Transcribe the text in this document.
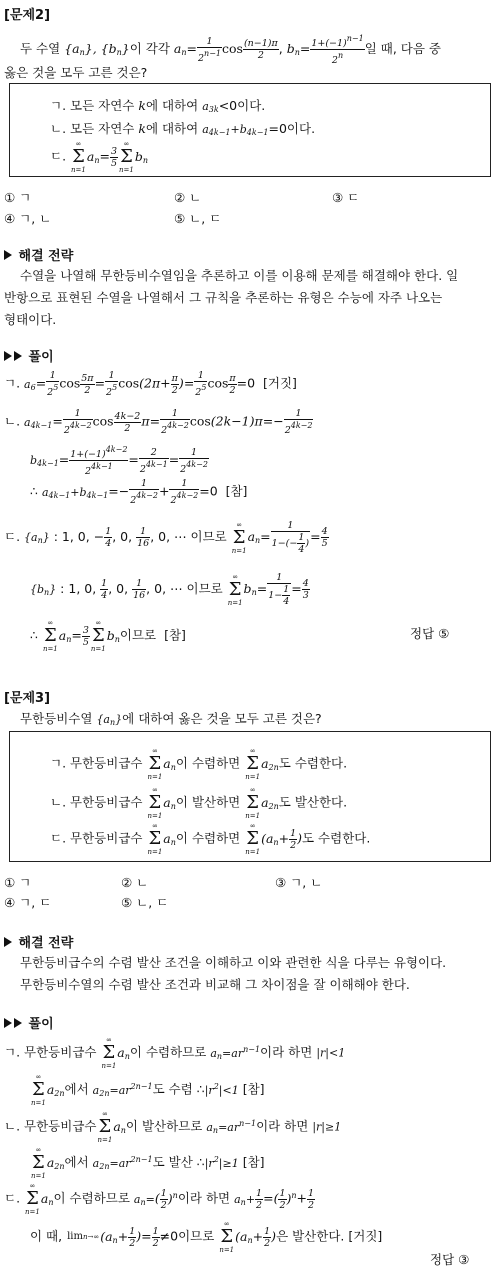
[문제2]
두 수열 $\{a_n\}$, $\{b_n\}$이 각각 $a_n= \frac{1}{2^{n-1}}$ $\cos \frac{(n-1)\pi}{2}$ , $b_n= \frac{1+(-1)^{n-1}}{2^n}$ 일 때, 다음 중
옳은 것을 모두 고른 것은?
ㄱ. 모든 자연수 k에 대하여 $a_{3k}<0$이다.
ㄴ. 모든 자연수 k에 대하여 $a_{4k-1}+b_{4k-1}=0$이다.
ㄷ. ∞
Σ
$n=1a_n= \frac{3}{5}$
∞
Σ
$n=1b_n$
① ㄱ	② ㄴ	③ ㄷ
④ ㄱ, ㄴ	⑤ ㄴ, ㄷ
해결 전략
수열을 나열해 무한등비수열임을 추론하고 이를 이용해 문제를 해결해야 한다. 일
반항으로 표현된 수열을 나열해서 그 규칙을 추론하는 유형은 수능에 자주 나오는
형태이다.
풀이
ㄱ. $a_6= \frac{1}{2^5}$ $\cos \frac{5\pi}{2} = \frac{1}{2^5} \cos(2\pi+ \frac{\pi}{2}$ )= $\frac{1}{2^5}$ $\cos \frac{\pi}{2} =0$  [거짓]
ㄴ. $a_{4k-1}= \frac{1}{2^{4k-2}}$ $\cos \frac{4k-2}{2} \pi= \frac{1}{2^{4k-2}} \cos(2k-1)\pi=- \frac{1}{2^{4k-2}}$
$b_{4k-1}= \frac{1+(-1)^{4k-2}}{2^{4k-1}} = \frac{2}{2^{4k-1}} = \frac{1}{2^{4k-2}}$
∴ $a_{4k-1}+b_{4k-1}=- \frac{1}{2^{4k-2}} + \frac{1}{2^{4k-2}} =0$  [참]
ㄷ. $\{a_n\}$ : 1, 0, − $\frac{1}{4}$ , 0, $\frac{1}{16}$ , 0, ⋯ 이므로 ∞
Σ
$n=1a_n= \frac{1}{1-(- \frac{1}{4} )} = \frac{4}{5}$
$\{b_n\}$ : 1, 0, $\frac{1}{4}$ , 0, $\frac{1}{16}$ , 0, ⋯ 이므로 ∞
Σ
$n=1b_n= \frac{1}{1- \frac{1}{4}} = \frac{4}{3}$
∴ ∞
Σ
$n=1a_n= \frac{3}{5}$
∞
Σ
$n=1b_n$이므로 [참]	정답 ⑤
[문제3]
무한등비수열 $\{a_n\}$에 대하여 옳은 것을 모두 고른 것은?
ㄱ. 무한등비급수 ∞
Σ
$n=1a_n$이 수렴하면 ∞
Σ
$n=1a_{2n}$도 수렴한다.
ㄴ. 무한등비급수 ∞
Σ
$n=1a_n$이 발산하면 ∞
Σ
$n=1a_{2n}$도 발산한다.
ㄷ. 무한등비급수 ∞
Σ
$n=1a_n$이 수렴하면 ∞
Σ
$n=1(a_n+ \frac{1}{2}$ )도 수렴한다.
① ㄱ	② ㄴ	③ ㄱ, ㄴ
④ ㄱ, ㄷ	⑤ ㄴ, ㄷ
해결 전략
무한등비급수의 수렴 발산 조건을 이해하고 이와 관련한 식을 다루는 유형이다.
무한등비수열의 수렴 발산 조건과 비교해 그 차이점을 잘 이해해야 한다.
풀이
ㄱ. 무한등비급수 ∞
Σ
$n=1a_n$이 수렴하므로 $a_n=ar^{n-1}$이라 하면 |r|<1
∞
Σ
$n=1a_{2n}$에서 $a_{2n}=ar^{2n-1}$도 수렴 $\therefore|r^2|<1$ [참]
ㄴ. 무한등비급수∞
Σ
$n=1a_n$이 발산하므로 $a_n=ar^{n-1}$이라 하면 |r|≥1
∞
Σ
$n=1a_{2n}$에서 $a_{2n}=ar^{2n-1}$도 발산 $\therefore|r^2|\ge 1$ [참]
ㄷ. ∞
Σ
$n=1a_n$이 수렴하므로 $a_n=( \frac{1}{2} )^n$이라 하면 $a_n+ \frac{1}{2}$ =( $\frac{1}{2} )^n+ \frac{1}{2}$
이 때, $\lim n\to\infty(a_n+ \frac{1}{2}$ )= $\frac{1}{2} \ne 0$이므로 ∞
Σ
$n=1(a_n+ \frac{1}{2}$ )은 발산한다. [거짓]
정답 ③
